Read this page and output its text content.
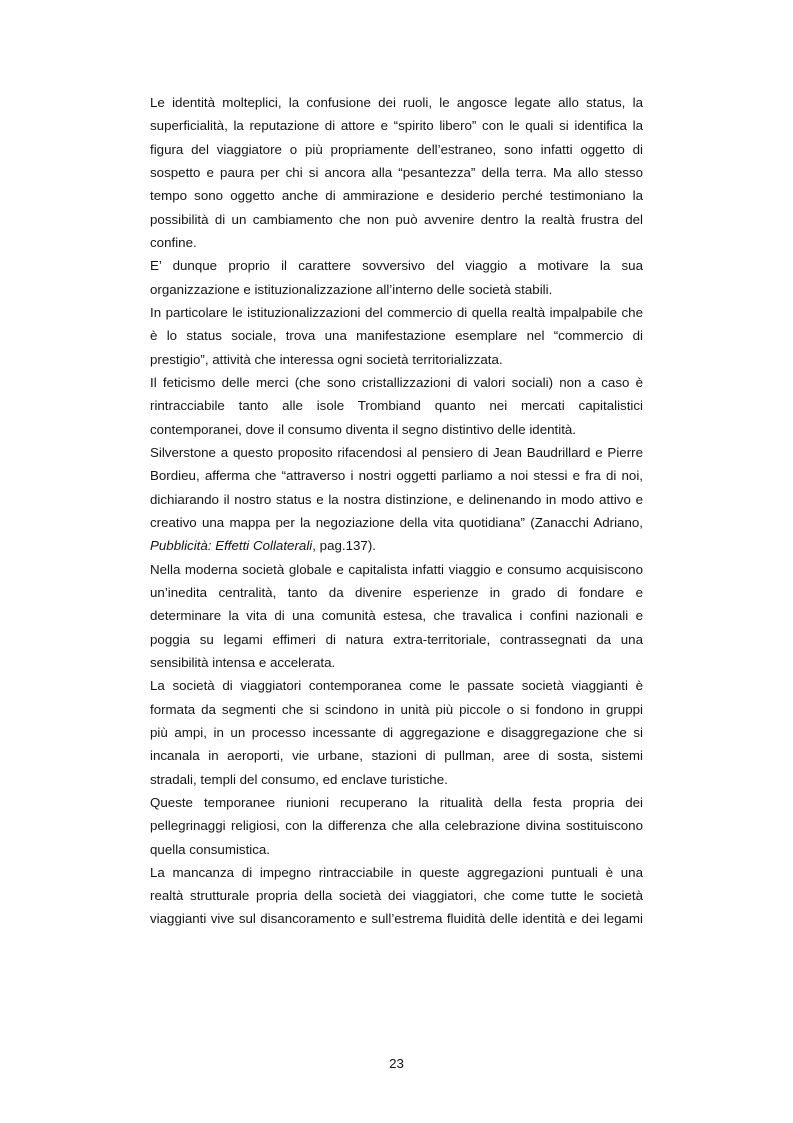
Le identità molteplici, la confusione dei ruoli, le angosce legate allo status, la
superficialità, la reputazione di attore e “spirito libero” con le quali si identifica la
figura del viaggiatore o più propriamente dell’estraneo, sono infatti oggetto di
sospetto e paura per chi si ancora alla “pesantezza” della terra. Ma allo stesso
tempo sono oggetto anche di ammirazione e desiderio perché testimoniano la
possibilità di un cambiamento che non può avvenire dentro la realtà frustra del
confine.
E’ dunque proprio il carattere sovversivo del viaggio a motivare la sua
organizzazione e istituzionalizzazione all’interno delle società stabili.
In particolare le istituzionalizzazioni del commercio di quella realtà impalpabile che
è lo status sociale, trova una manifestazione esemplare nel “commercio di
prestigio”, attività che interessa ogni società territorializzata.
Il feticismo delle merci (che sono cristallizzazioni di valori sociali) non a caso è
rintracciabile tanto alle isole Trombiand quanto nei mercati capitalistici
contemporanei, dove il consumo diventa il segno distintivo delle identità.
Silverstone a questo proposito rifacendosi al pensiero di Jean Baudrillard e Pierre
Bordieu, afferma che “attraverso i nostri oggetti parliamo a noi stessi e fra di noi,
dichiarando il nostro status e la nostra distinzione, e delinenando in modo attivo e
creativo una mappa per la negoziazione della vita quotidiana” (Zanacchi Adriano,
Pubblicità: Effetti Collaterali, pag.137).
Nella moderna società globale e capitalista infatti viaggio e consumo acquisiscono
un’inedita centralità, tanto da divenire esperienze in grado di fondare e
determinare la vita di una comunità estesa, che travalica i confini nazionali e
poggia su legami effimeri di natura extra-territoriale, contrassegnati da una
sensibilità intensa e accelerata.
La società di viaggiatori contemporanea come le passate società viaggianti è
formata da segmenti che si scindono in unità più piccole o si fondono in gruppi
più ampi, in un processo incessante di aggregazione e disaggregazione che si
incanala in aeroporti, vie urbane, stazioni di pullman, aree di sosta, sistemi
stradali, templi del consumo, ed enclave turistiche.
Queste temporanee riunioni recuperano la ritualità della festa propria dei
pellegrinaggi religiosi, con la differenza che alla celebrazione divina sostituiscono
quella consumistica.
La mancanza di impegno rintracciabile in queste aggregazioni puntuali è una
realtà strutturale propria della società dei viaggiatori, che come tutte le società
viaggianti vive sul disancoramento e sull’estrema fluidità delle identità e dei legami
23
